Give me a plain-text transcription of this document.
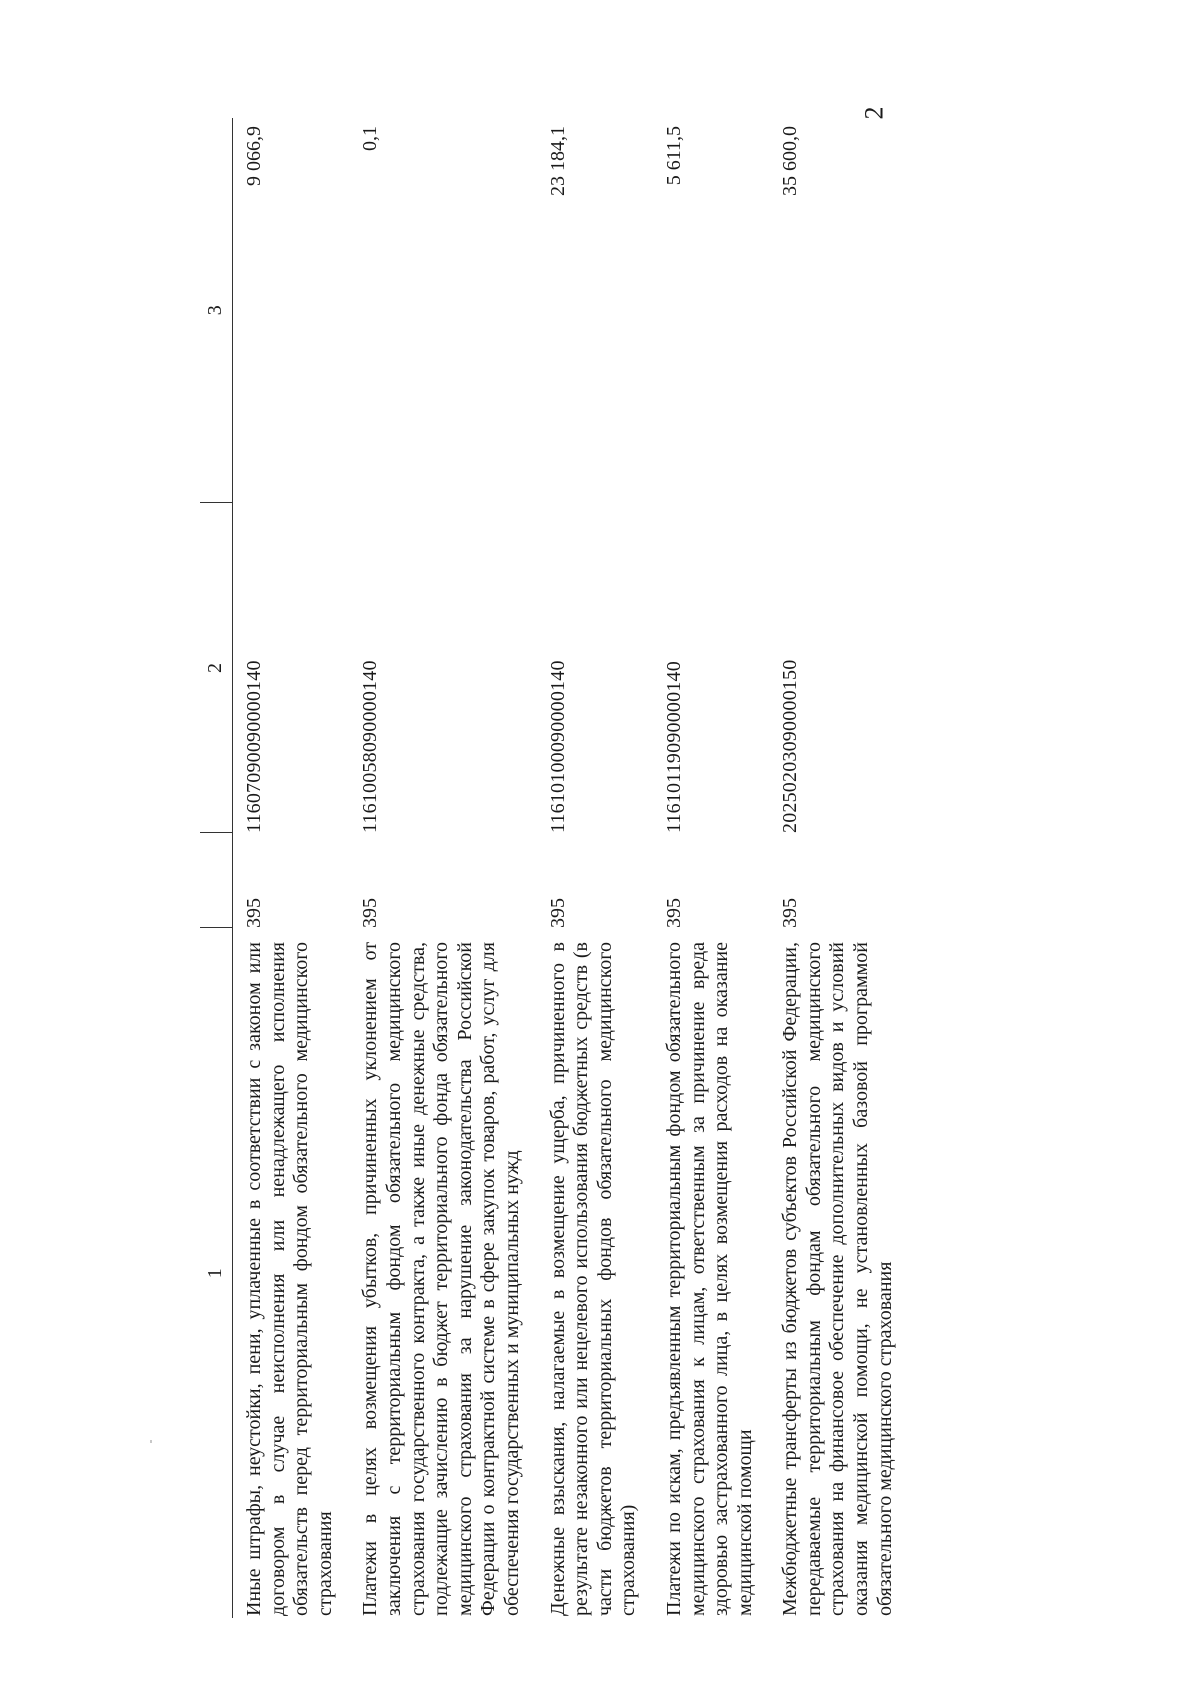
2
1		2	3
Иные штрафы, неустойки, пени, уплаченные в соответствии с законом или договором в случае неисполнения или ненадлежащего исполнения обязательств перед территориальным фондом обязательного медицинского страхования	395	11607090090000140	9 066,9
Платежи в целях возмещения убытков, причиненных уклонением от заключения с территориальным фондом обязательного медицинского страхования государственного контракта, а также иные денежные средства, подлежащие зачислению в бюджет территориального фонда обязательного медицинского страхования за нарушение законодательства Российской Федерации о контрактной системе в сфере закупок товаров, работ, услуг для обеспечения государственных и муниципальных нужд	395	11610058090000140	0,1
Денежные взыскания, налагаемые в возмещение ущерба, причиненного в результате незаконного или нецелевого использования бюджетных средств (в части бюджетов территориальных фондов обязательного медицинского страхования)	395	11610100090000140	23 184,1
Платежи по искам, предъявленным территориальным фондом обязательного медицинского страхования к лицам, ответственным за причинение вреда здоровью застрахованного лица, в целях возмещения расходов на оказание медицинской помощи	395	11610119090000140	5 611,5
Межбюджетные трансферты из бюджетов субъектов Российской Федерации, передаваемые территориальным фондам обязательного медицинского страхования на финансовое обеспечение дополнительных видов и условий оказания медицинской помощи, не установленных базовой программой обязательного медицинского страхования	395	20250203090000150	35 600,0
